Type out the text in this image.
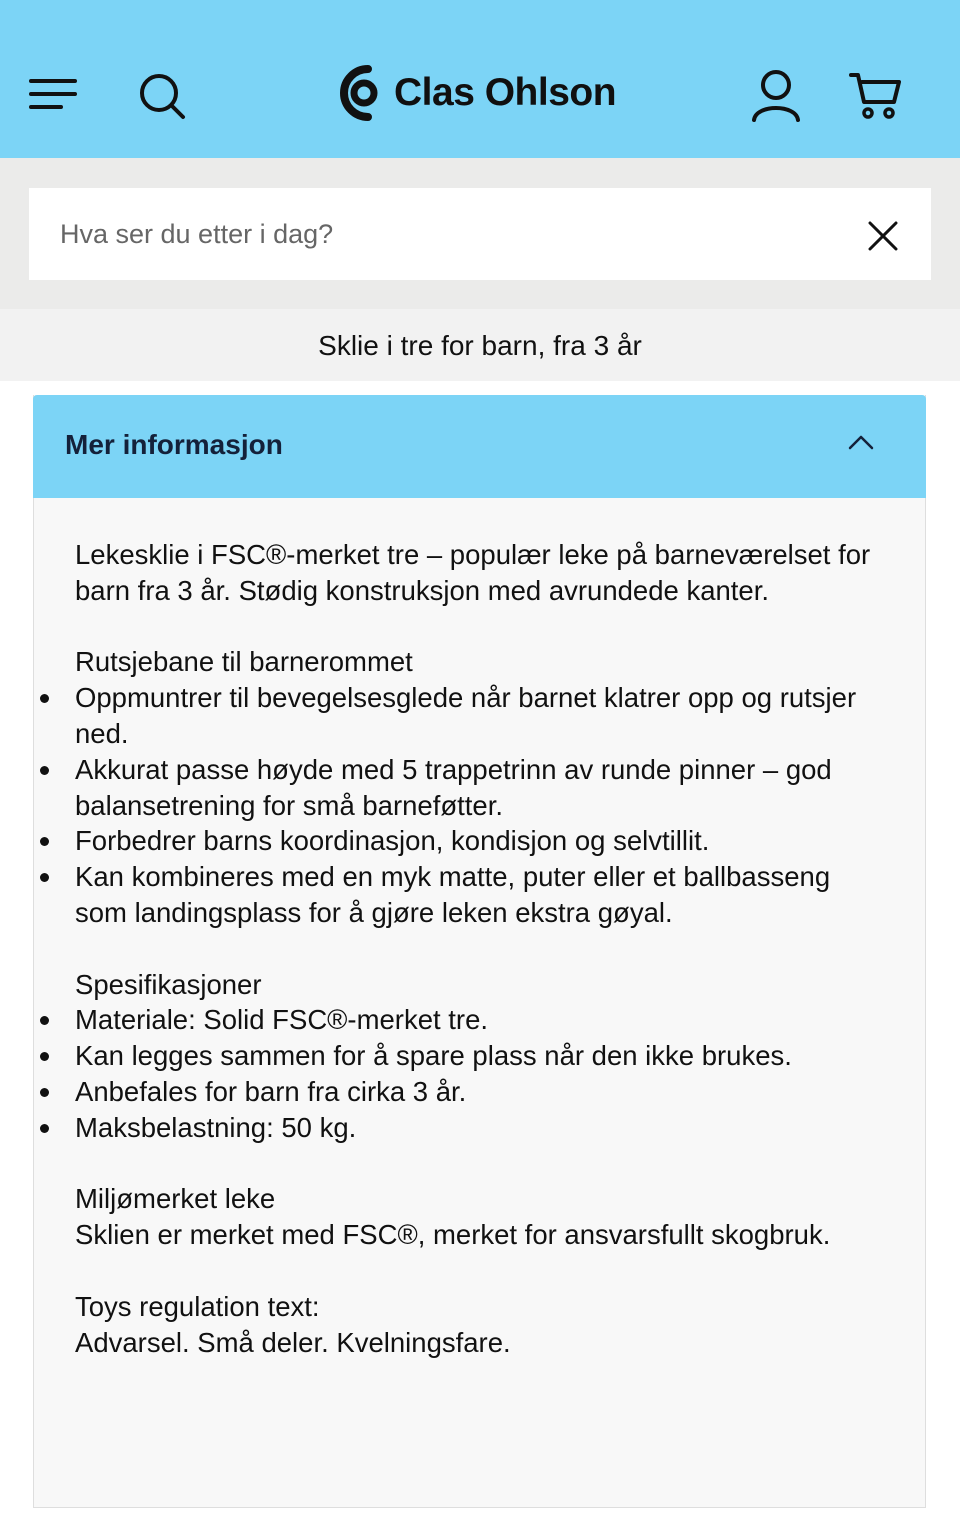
Clas Ohlson
Hva ser du etter i dag?
Sklie i tre for barn, fra 3 år
Mer informasjon

Lekesklie i FSC®-merket tre – populær leke på barneværelset for barn fra 3 år. Stødig konstruksjon med avrundede kanter.

Rutsjebane til barnerommet

Oppmuntrer til bevegelsesglede når barnet klatrer opp og rutsjer ned.
Akkurat passe høyde med 5 trappetrinn av runde pinner – god balansetrening for små barneføtter.
Forbedrer barns koordinasjon, kondisjon og selvtillit.
Kan kombineres med en myk matte, puter eller et ballbasseng som landingsplass for å gjøre leken ekstra gøyal.

Spesifikasjoner

Materiale: Solid FSC®-merket tre.
Kan legges sammen for å spare plass når den ikke brukes.
Anbefales for barn fra cirka 3 år.
Maksbelastning: 50 kg.

Miljømerket leke

Sklien er merket med FSC®, merket for ansvarsfullt skogbruk.

Toys regulation text:

Advarsel. Små deler. Kvelningsfare.
